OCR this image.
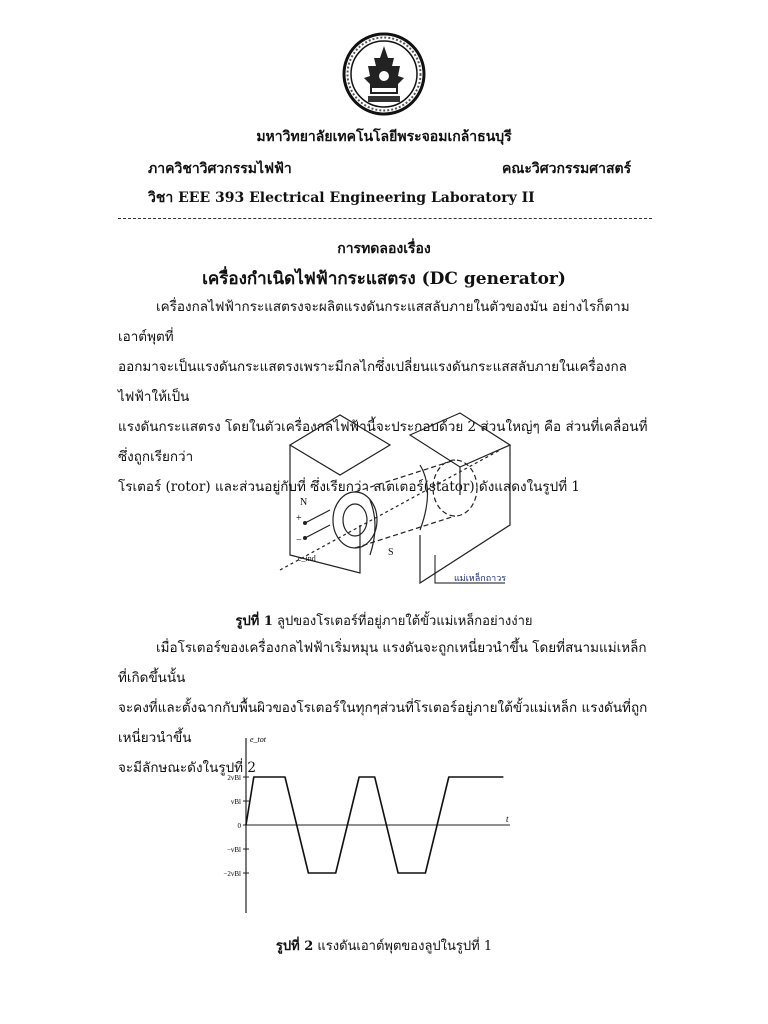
มหาวิทยาลัยเทคโนโลยีพระจอมเกล้าธนบุรี
ภาควิชาวิศวกรรมไฟฟ้า	คณะวิศวกรรมศาสตร์
วิชา EEE 393 Electrical Engineering Laboratory II
การทดลองเรื่อง
เครื่องกำเนิดไฟฟ้ากระแสตรง (DC generator)

เครื่องกลไฟฟ้ากระแสตรงจะผลิตแรงดันกระแสสลับภายในตัวของมัน อย่างไรก็ตามเอาต์พุตที่

ออกมาจะเป็นแรงดันกระแสตรงเพราะมีกลไกซึ่งเปลี่ยนแรงดันกระแสสลับภายในเครื่องกลไฟฟ้าให้เป็น

แรงดันกระแสตรง โดยในตัวเครื่องกลไฟฟ้านี้จะประกอบด้วย 2 ส่วนใหญ่ๆ คือ ส่วนที่เคลื่อนที่ซึ่งถูกเรียกว่า

โรเตอร์ (rotor) และส่วนอยู่กับที่ ซึ่งเรียกว่า สเตเตอร์(stator) ดังแสดงในรูปที่ 1

N
S
+
−
e_ind
แม่เหล็กถาวร
รูปที่ 1 ลูปของโรเตอร์ที่อยู่ภายใต้ขั้วแม่เหล็กอย่างง่าย

เมื่อโรเตอร์ของเครื่องกลไฟฟ้าเริ่มหมุน แรงดันจะถูกเหนี่ยวนำขึ้น โดยที่สนามแม่เหล็กที่เกิดขึ้นนั้น

จะคงที่และตั้งฉากกับพื้นผิวของโรเตอร์ในทุกๆส่วนที่โรเตอร์อยู่ภายใต้ขั้วแม่เหล็ก แรงดันที่ถูกเหนี่ยวนำขึ้น

จะมีลักษณะดังในรูปที่ 2

e_tot
t
2vBl
vBl
0
−vBl
−2vBl
รูปที่ 2 แรงดันเอาต์พุตของลูปในรูปที่ 1
